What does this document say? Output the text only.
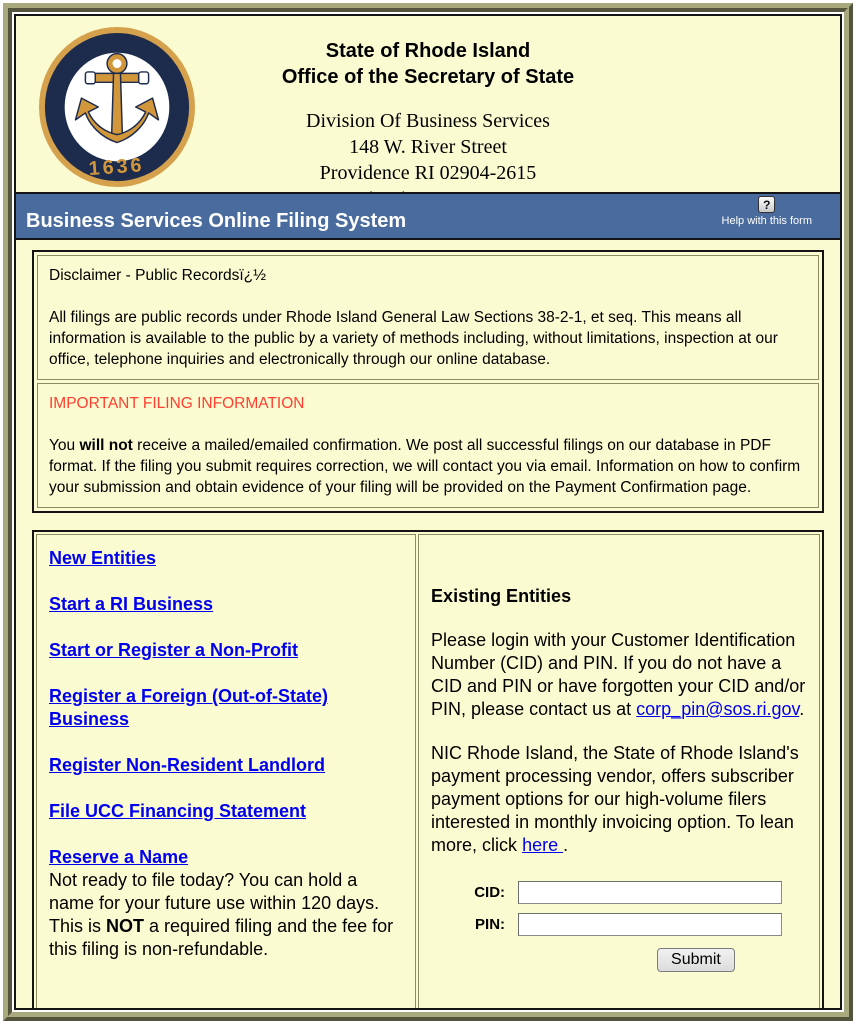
1636
State of Rhode Island
Office of the Secretary of State
Division Of Business Services
148 W. River Street
Providence RI 02904-2615
Business Services Online Filing System
?
Help with this form

Disclaimer - Public Recordsï¿½

All filings are public records under Rhode Island General Law Sections 38-2-1, et seq. This means all information is available to the public by a variety of methods including, without limitations, inspection at our office, telephone inquiries and electronically through our online database.

IMPORTANT FILING INFORMATION

You will not receive a mailed/emailed confirmation. We post all successful filings on our database in PDF format. If the filing you submit requires correction, we will contact you via email. Information on how to confirm your submission and obtain evidence of your filing will be provided on the Payment Confirmation page.

New Entities

Start a RI Business

Start or Register a Non-Profit

Register a Foreign (Out-of-State) Business

Register Non-Resident Landlord

File UCC Financing Statement

Reserve a Name
Not ready to file today? You can hold a name for your future use within 120 days. This is NOT a required filing and the fee for this filing is non-refundable.

Existing Entities

Please login with your Customer Identification Number (CID) and PIN. If you do not have a CID and PIN or have forgotten your CID and/or PIN, please contact us at corp_pin@sos.ri.gov.

NIC Rhode Island, the State of Rhode Island's payment processing vendor, offers subscriber payment options for our high-volume filers interested in monthly invoicing option. To lean more, click here .

CID:
PIN:
Submit
